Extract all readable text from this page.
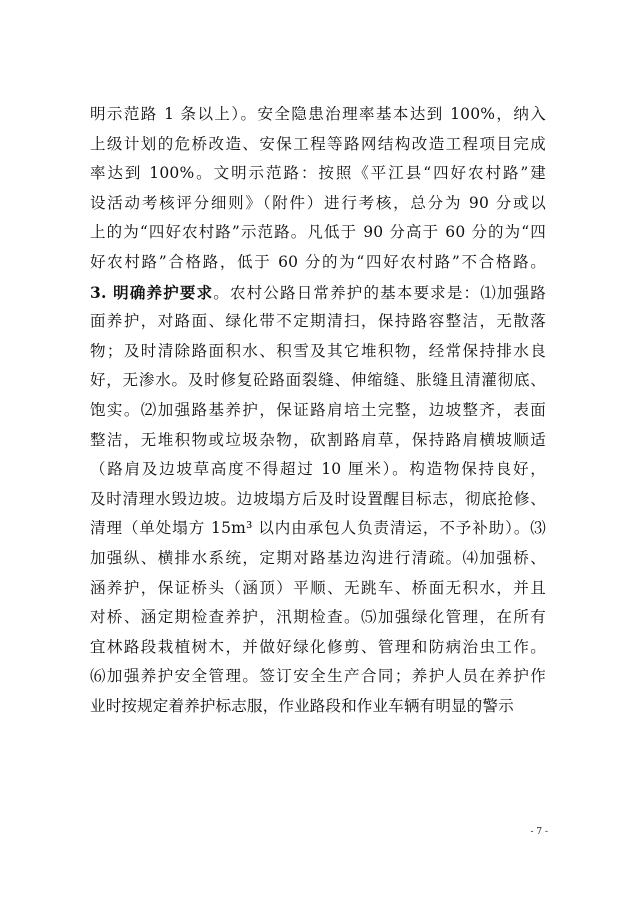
明示范路 1 条以上）。安全隐患治理率基本达到 100%，纳入
上级计划的危桥改造、安保工程等路网结构改造工程项目完成
率达到 100%。文明示范路：按照《平江县“四好农村路”建
设活动考核评分细则》（附件）进行考核，总分为 90 分或以
上的为“四好农村路”示范路。凡低于 90 分高于 60 分的为“四
好农村路”合格路，低于 60 分的为“四好农村路”不合格路。
3. 明确养护要求。农村公路日常养护的基本要求是：⑴加强路
面养护，对路面、绿化带不定期清扫，保持路容整洁，无散落
物；及时清除路面积水、积雪及其它堆积物，经常保持排水良
好，无渗水。及时修复砼路面裂缝、伸缩缝、胀缝且清灌彻底、
饱实。⑵加强路基养护，保证路肩培土完整，边坡整齐，表面
整洁，无堆积物或垃圾杂物，砍割路肩草，保持路肩横坡顺适
（路肩及边坡草高度不得超过 10 厘米）。构造物保持良好，
及时清理水毁边坡。边坡塌方后及时设置醒目标志，彻底抢修、
清理（单处塌方 15m³ 以内由承包人负责清运，不予补助）。⑶
加强纵、横排水系统，定期对路基边沟进行清疏。⑷加强桥、
涵养护，保证桥头（涵顶）平顺、无跳车、桥面无积水，并且
对桥、涵定期检查养护，汛期检查。⑸加强绿化管理，在所有
宜林路段栽植树木，并做好绿化修剪、管理和防病治虫工作。
⑹加强养护安全管理。签订安全生产合同；养护人员在养护作
业时按规定着养护标志服，作业路段和作业车辆有明显的警示
- 7 -
